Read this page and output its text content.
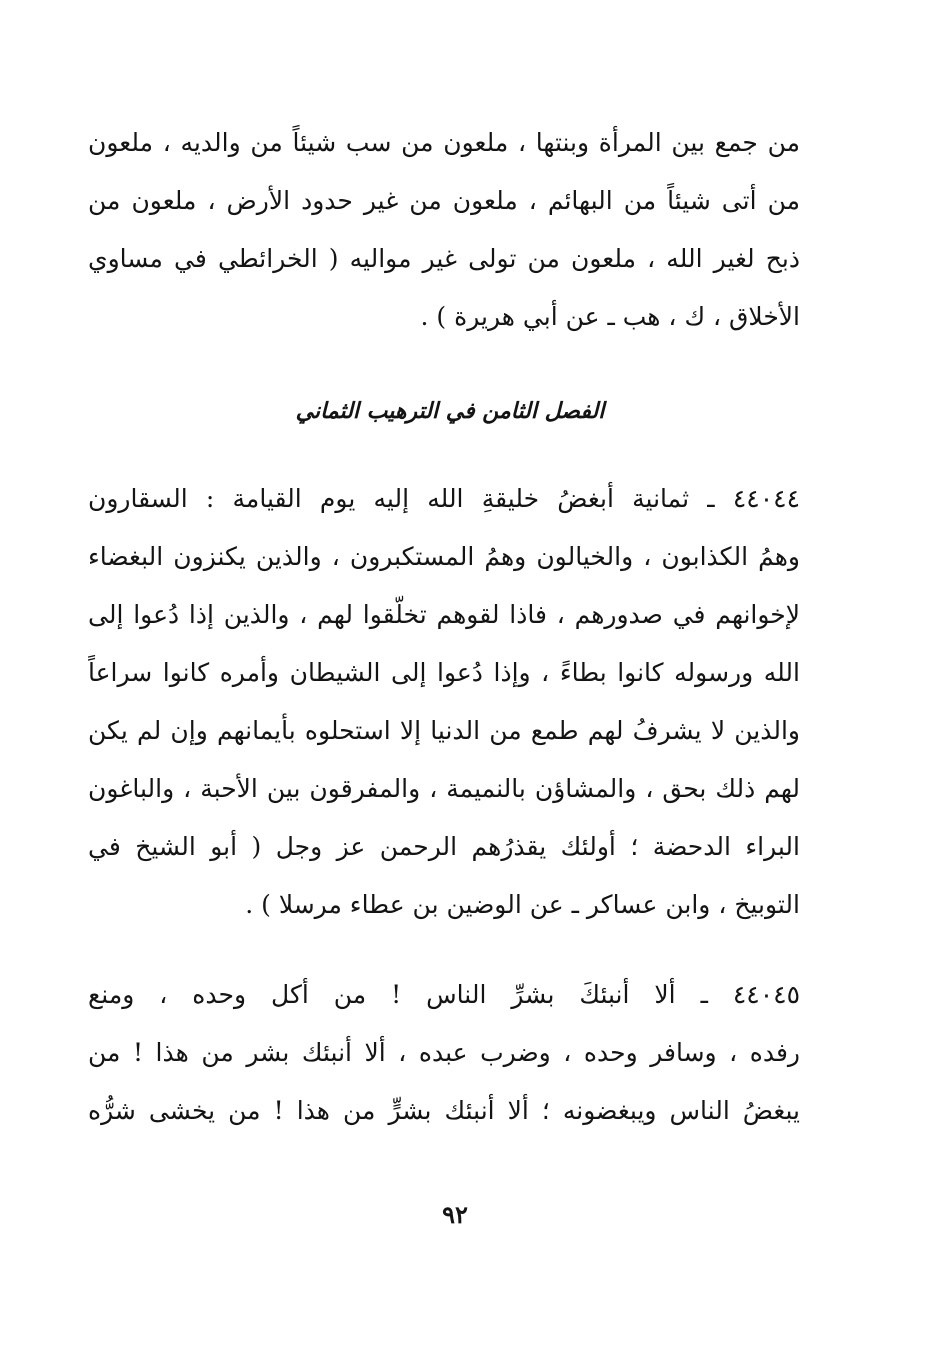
من جمع بين المرأة وبنتها ، ملعون من سب شيئاً من والديه ، ملعون
من أتى شيئاً من البهائم ، ملعون من غير حدود الأرض ، ملعون من
ذبح لغير الله ، ملعون من تولى غير مواليه ( الخرائطي في مساوي
الأخلاق ، ك ، هب ـ عن أبي هريرة ) .
الفصل الثامن في الترهيب الثماني
٤٤٠٤٤ ـ ثمانية أبغضُ خليقةِ الله إليه يوم القيامة : السقارون
وهمُ الكذابون ، والخيالون وهمُ المستكبرون ، والذين يكنزون البغضاء
لإخوانهم في صدورهم ، فاذا لقوهم تخلّقوا لهم ، والذين إذا دُعوا إلى
الله ورسوله كانوا بطاءً ، وإذا دُعوا إلى الشيطان وأمره كانوا سراعاً
والذين لا يشرفُ لهم طمع من الدنيا إلا استحلوه بأيمانهم وإن لم يكن
لهم ذلك بحق ، والمشاؤن بالنميمة ، والمفرقون بين الأحبة ، والباغون
البراء الدحضة ؛ أولئك يقذرُهم الرحمن عز وجل ( أبو الشيخ في
التوبيخ ، وابن عساكر ـ عن الوضين بن عطاء مرسلا ) .
٤٤٠٤٥ ـ ألا أنبئكَ بشرِّ الناس ! من أكل وحده ، ومنع
رفده ، وسافر وحده ، وضرب عبده ، ألا أنبئك بشر من هذا ! من
يبغضُ الناس ويبغضونه ؛ ألا أنبئك بشرٍّ من هذا ! من يخشى شرُّه
٩٢
